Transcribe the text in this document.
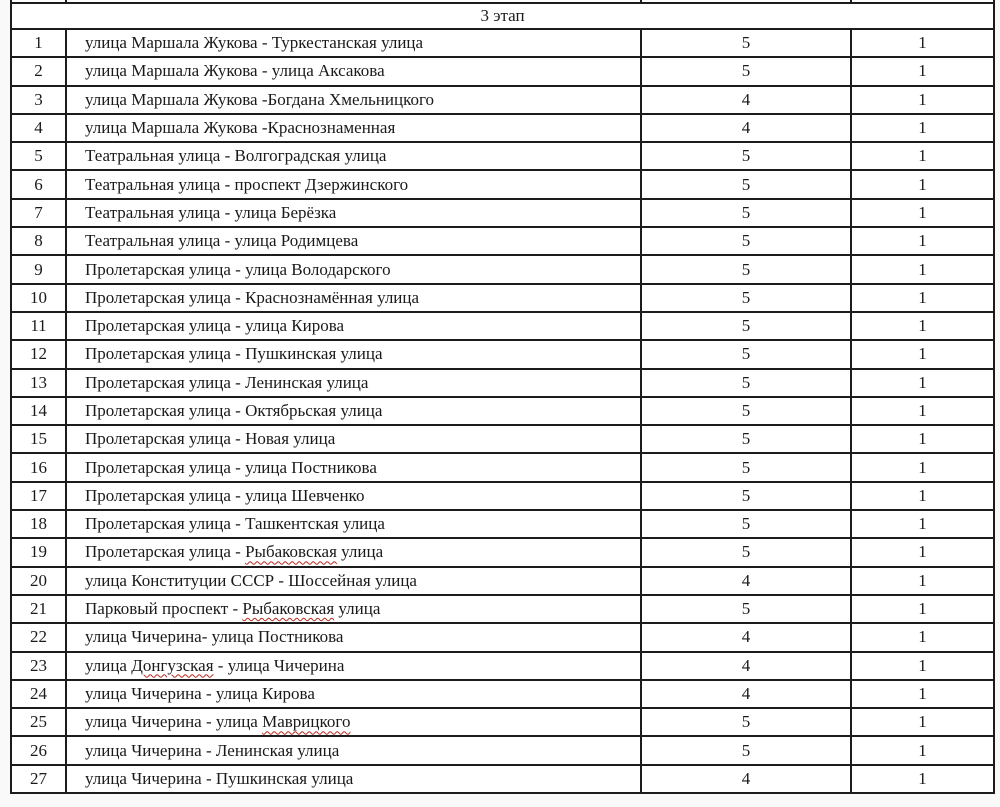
3 этап			
1	улица Маршала Жукова - Туркестанская улица	5	1
2	улица Маршала Жукова - улица Аксакова	5	1
3	улица Маршала Жукова -Богдана Хмельницкого	4	1
4	улица Маршала Жукова -Краснознаменная	4	1
5	Театральная улица - Волгоградская улица	5	1
6	Театральная улица - проспект Дзержинского	5	1
7	Театральная улица - улица Берёзка	5	1
8	Театральная улица - улица Родимцева	5	1
9	Пролетарская улица - улица Володарского	5	1
10	Пролетарская улица - Краснознамённая улица	5	1
11	Пролетарская улица - улица Кирова	5	1
12	Пролетарская улица - Пушкинская улица	5	1
13	Пролетарская улица - Ленинская улица	5	1
14	Пролетарская улица - Октябрьская улица	5	1
15	Пролетарская улица - Новая улица	5	1
16	Пролетарская улица - улица Постникова	5	1
17	Пролетарская улица - улица Шевченко	5	1
18	Пролетарская улица - Ташкентская улица	5	1
19	Пролетарская улица - Рыбаковская улица	5	1
20	улица Конституции СССР - Шоссейная улица	4	1
21	Парковый проспект - Рыбаковская улица	5	1
22	улица Чичерина- улица Постникова	4	1
23	улица Донгузская - улица Чичерина	4	1
24	улица Чичерина - улица Кирова	4	1
25	улица Чичерина - улица Маврицкого	5	1
26	улица Чичерина - Ленинская улица	5	1
27	улица Чичерина - Пушкинская улица	4	1
